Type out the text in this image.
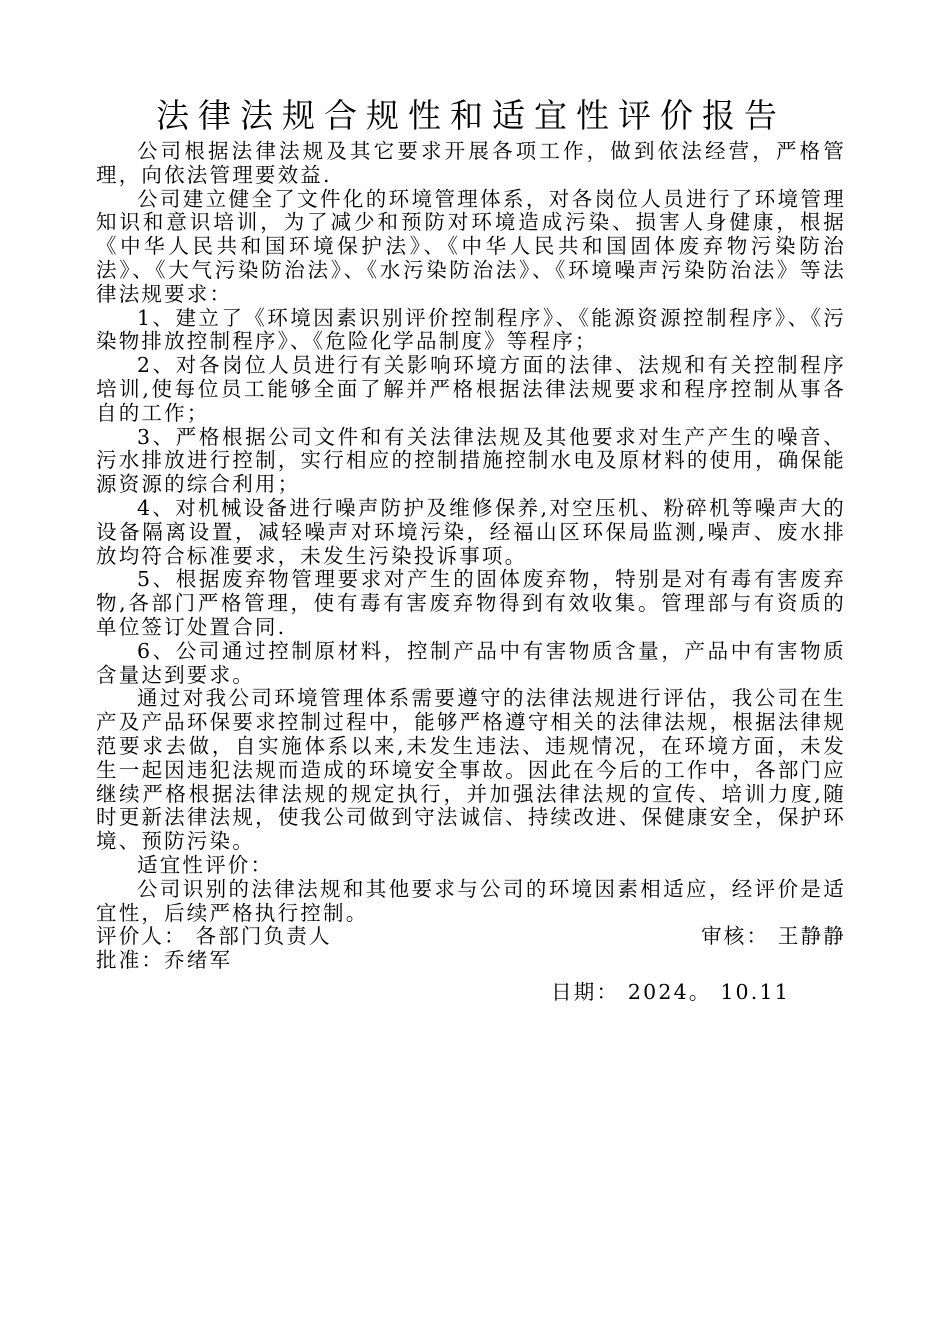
法律法规合规性和适宜性评价报告

公司根据法律法规及其它要求开展各项工作，做到依法经营，严格管理，向依法管理要效益.

公司建立健全了文件化的环境管理体系，对各岗位人员进行了环境管理知识和意识培训，为了减少和预防对环境造成污染、损害人身健康，根据《中华人民共和国环境保护法》、《中华人民共和国固体废弃物污染防治法》、《大气污染防治法》、《水污染防治法》、《环境噪声污染防治法》等法律法规要求：

1、建立了《环境因素识别评价控制程序》、《能源资源控制程序》、《污染物排放控制程序》、《危险化学品制度》等程序；

2、对各岗位人员进行有关影响环境方面的法律、法规和有关控制程序培训,使每位员工能够全面了解并严格根据法律法规要求和程序控制从事各自的工作；

3、严格根据公司文件和有关法律法规及其他要求对生产产生的噪音、污水排放进行控制，实行相应的控制措施控制水电及原材料的使用，确保能源资源的综合利用；

4、对机械设备进行噪声防护及维修保养,对空压机、粉碎机等噪声大的设备隔离设置，减轻噪声对环境污染，经福山区环保局监测,噪声、废水排放均符合标准要求，未发生污染投诉事项。

5、根据废弃物管理要求对产生的固体废弃物，特别是对有毒有害废弃物,各部门严格管理，使有毒有害废弃物得到有效收集。管理部与有资质的单位签订处置合同.

6、公司通过控制原材料，控制产品中有害物质含量，产品中有害物质含量达到要求。

通过对我公司环境管理体系需要遵守的法律法规进行评估，我公司在生产及产品环保要求控制过程中，能够严格遵守相关的法律法规，根据法律规范要求去做，自实施体系以来,未发生违法、违规情况，在环境方面，未发生一起因违犯法规而造成的环境安全事故。因此在今后的工作中，各部门应继续严格根据法律法规的规定执行，并加强法律法规的宣传、培训力度,随时更新法律法规，使我公司做到守法诚信、持续改进、保健康安全，保护环境、预防污染。

适宜性评价：

公司识别的法律法规和其他要求与公司的环境因素相适应，经评价是适宜性，后续严格执行控制。

评价人： 各部门负责人	审核： 王静静
批准：乔绪军
日期： 2024。 10.11
